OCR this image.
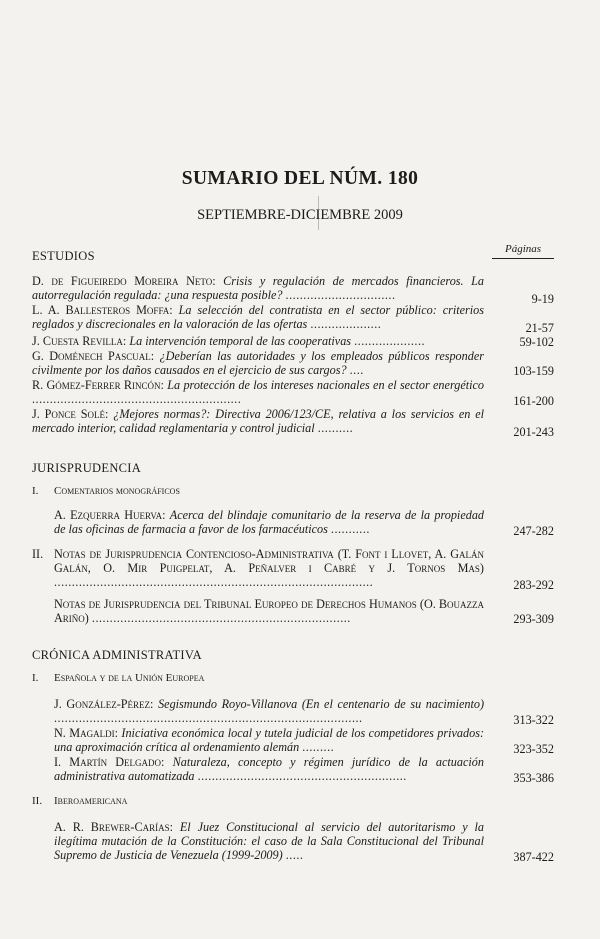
SUMARIO DEL NÚM. 180
SEPTIEMBRE-DICIEMBRE 2009
Páginas
ESTUDIOS
D. de Figueiredo Moreira Neto: Crisis y regulación de mercados financieros. La autorregulación regulada: ¿una respuesta posible? ...............................	9-19
L. A. Ballesteros Moffa: La selección del contratista en el sector público: criterios reglados y discrecionales en la valoración de las ofertas ....................	21-57
J. Cuesta Revilla: La intervención temporal de las cooperativas ....................	59-102
G. Doménech Pascual: ¿Deberían las autoridades y los empleados públicos responder civilmente por los daños causados en el ejercicio de sus cargos? ....	103-159
R. Gómez-Ferrer Rincón: La protección de los intereses nacionales en el sector energético ...........................................................	161-200
J. Ponce Solé: ¿Mejores normas?: Directiva 2006/123/CE, relativa a los servicios en el mercado interior, calidad reglamentaria y control judicial ..........	201-243
JURISPRUDENCIA
I. Comentarios monográficos
A. Ezquerra Huerva: Acerca del blindaje comunitario de la reserva de la propiedad de las oficinas de farmacia a favor de los farmacéuticos ...........	247-282
II. Notas de Jurisprudencia Contencioso-Administrativa (T. Font i Llovet, A. Galán Galán, O. Mir Puigpelat, A. Peñalver i Cabré y J. Tornos Mas) ..........................................................................................	283-292
Notas de Jurisprudencia del Tribunal Europeo de Derechos Humanos (O. Bouazza Ariño) .........................................................................	293-309
CRÓNICA ADMINISTRATIVA
I. Española y de la Unión Europea
J. González-Pérez: Segismundo Royo-Villanova (En el centenario de su nacimiento) .......................................................................................	313-322
N. Magaldi: Iniciativa económica local y tutela judicial de los competidores privados: una aproximación crítica al ordenamiento alemán .........	323-352
I. Martín Delgado: Naturaleza, concepto y régimen jurídico de la actuación administrativa automatizada ...........................................................	353-386
II. Iberoamericana
A. R. Brewer-Carías: El Juez Constitucional al servicio del autoritarismo y la ilegítima mutación de la Constitución: el caso de la Sala Constitucional del Tribunal Supremo de Justicia de Venezuela (1999-2009) .....	387-422
